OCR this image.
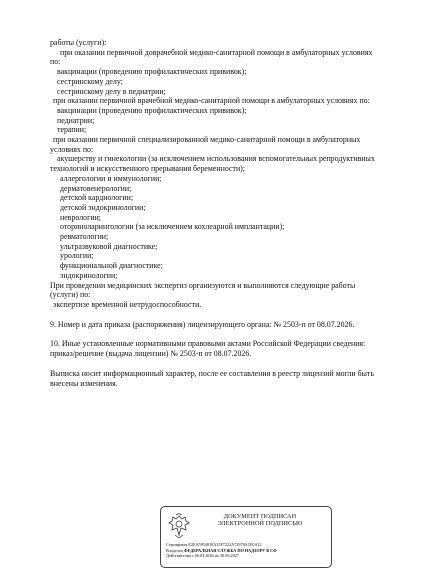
работы (услуги):

при оказании первичной доврачебной медико-санитарной помощи в амбулаторных условиях

по:

вакцинации (проведению профилактических прививок);

сестринскому делу;

сестринскому делу в педиатрии;

при оказании первичной врачебной медико-санитарной помощи в амбулаторных условиях по:

вакцинации (проведению профилактических прививок);

педиатрии;

терапии;

при оказании первичной специализированной медико-санитарной помощи в амбулаторных

условиях по:

акушерству и гинекологии (за исключением использования вспомогательных репродуктивных

технологий и искусственного прерывания беременности);

аллергологии и иммунологии;

дерматовенерологии;

детской кардиологии;

детской эндокринологии;

неврологии;

оториноларингологии (за исключением кохлеарной имплантации);

ревматологии;

ультразвуковой диагностике;

урологии;

функциональной диагностике;

эндокринологии;

При проведении медицинских экспертиз организуются и выполняются следующие работы

(услуги) по:

экспертизе временной нетрудоспособности.

9. Номер и дата приказа (распоряжения) лицензирующего органа: № 2503-п от 08.07.2026.

10. Иные установленные нормативными правовыми актами Российской Федерации сведения:

приказ/решение (выдача лицензии) № 2503-п от 08.07.2026.

Выписка носит информационный характер, после ее составления в реестр лицензий могли быть

внесены изменения.

ДОКУМЕНТ ПОДПИСАН
ЭЛЕКТРОННОЙ ПОДПИСЬЮ
Сертификат E2EA5954818A35F7222A72978A1E0A12
Владелец ФЕДЕРАЛЬНАЯ СЛУЖБА ПО НАДЗОРУ В СФ
Действителен с 06.04.2026 по 30.06.2027
